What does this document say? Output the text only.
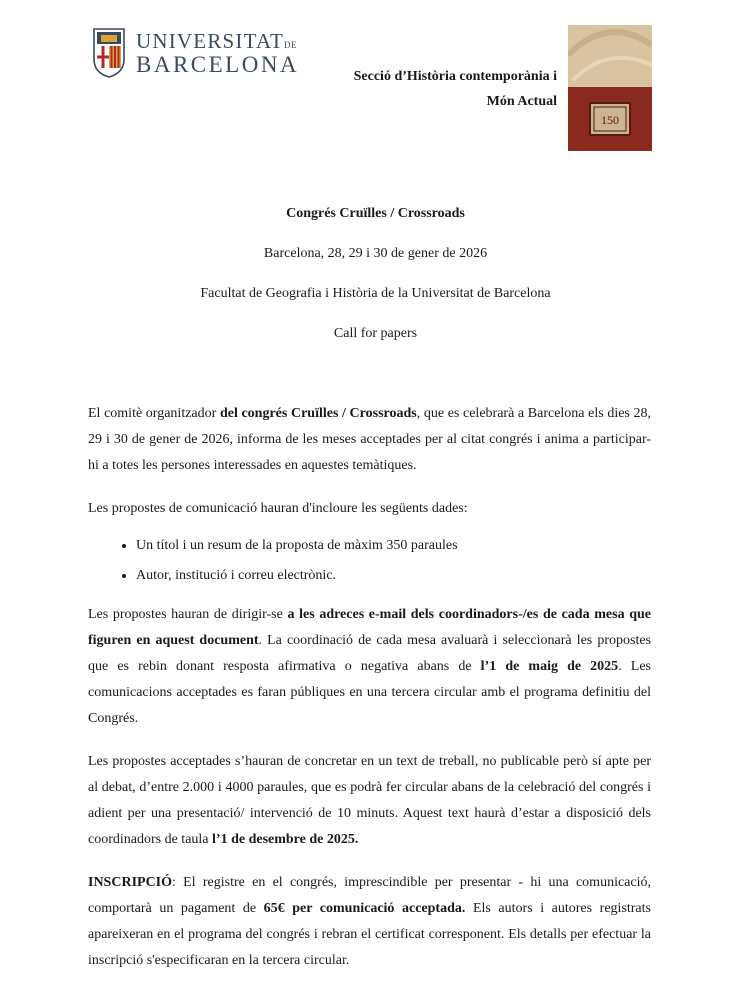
UNIVERSITATDE
BARCELONA	Secció d’Història contemporània i
Món Actual
150
Congrés Cruïlles / Crossroads
Barcelona, 28, 29 i 30 de gener de 2026
Facultat de Geografia i Història de la Universitat de Barcelona
Call for papers

El comitè organitzador del congrés Cruïlles / Crossroads, que es celebrarà a Barcelona els dies 28, 29 i 30 de gener de 2026, informa de les meses acceptades per al citat congrés i anima a participar-hi a totes les persones interessades en aquestes temàtiques.

Les propostes de comunicació hauran d'incloure les següents dades:

• Un títol i un resum de la proposta de màxim 350 paraules
• Autor, institució i correu electrònic.

Les propostes hauran de dirigir-se a les adreces e-mail dels coordinadors-/es de cada mesa que figuren en aquest document. La coordinació de cada mesa avaluarà i seleccionarà les propostes que es rebin donant resposta afirmativa o negativa abans de l’1 de maig de 2025. Les comunicacions acceptades es faran públiques en una tercera circular amb el programa definitiu del Congrés.

Les propostes acceptades s’hauran de concretar en un text de treball, no publicable però sí apte per al debat, d’entre 2.000 i 4000 paraules, que es podrà fer circular abans de la celebració del congrés i adient per una presentació/ intervenció de 10 minuts. Aquest text haurà d’estar a disposició dels coordinadors de taula l’1 de desembre de 2025.

INSCRIPCIÓ: El registre en el congrés, imprescindible per presentar - hi una comunicació, comportarà un pagament de 65€ per comunicació acceptada. Els autors i autores registrats apareixeran en el programa del congrés i rebran el certificat corresponent. Els detalls per efectuar la inscripció s'especificaran en la tercera circular.
